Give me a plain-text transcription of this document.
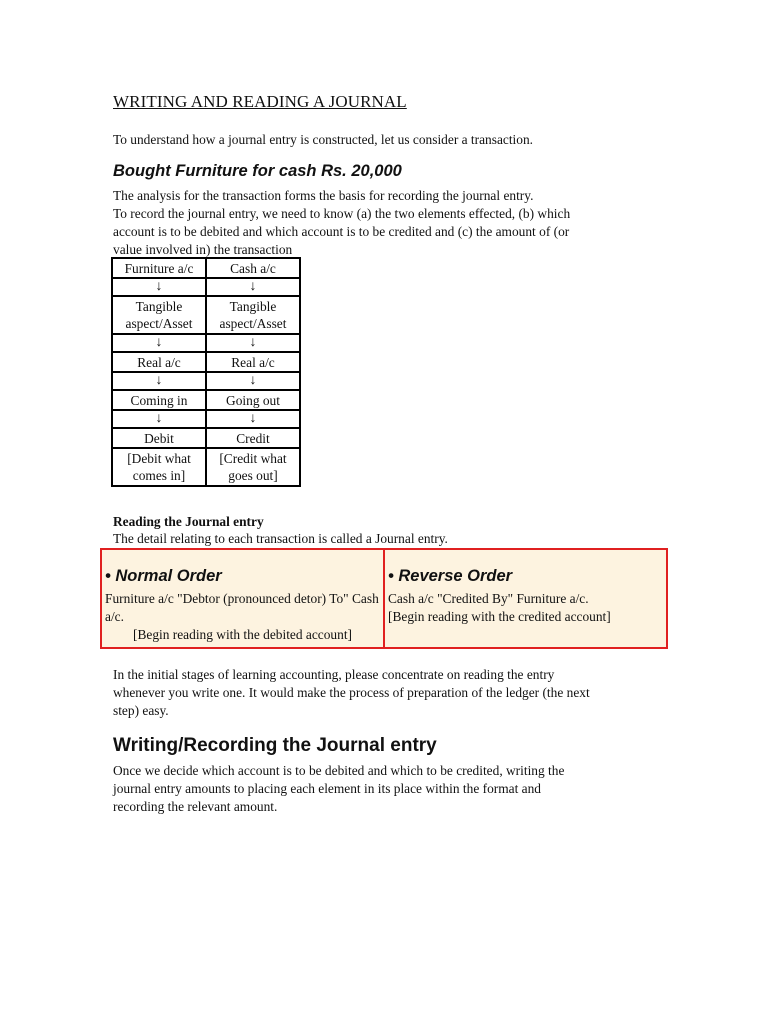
WRITING AND READING A JOURNAL
To understand how a journal entry is constructed, let us consider a transaction.
Bought Furniture for cash Rs. 20,000
The analysis for the transaction forms the basis for recording the journal entry.
To record the journal entry, we need to know (a) the two elements effected, (b) which
account is to be debited and which account is to be credited and (c) the amount of (or
value involved in) the transaction
Furniture a/c	Cash a/c
↓	↓
Tangible aspect/Asset	Tangible aspect/Asset
↓	↓
Real a/c	Real a/c
↓	↓
Coming in	Going out
↓	↓
Debit	Credit
[Debit what comes in]	[Credit what goes out]
Reading the Journal entry
The detail relating to each transaction is called a Journal entry.
• Normal Order
Furniture a/c "Debtor (pronounced detor) To" Cash a/c.
[Begin reading with the debited account]
• Reverse Order
Cash a/c "Credited By" Furniture a/c.
[Begin reading with the credited account]
In the initial stages of learning accounting, please concentrate on reading the entry
whenever you write one. It would make the process of preparation of the ledger (the next
step) easy.
Writing/Recording the Journal entry
Once we decide which account is to be debited and which to be credited, writing the
journal entry amounts to placing each element in its place within the format and
recording the relevant amount.
